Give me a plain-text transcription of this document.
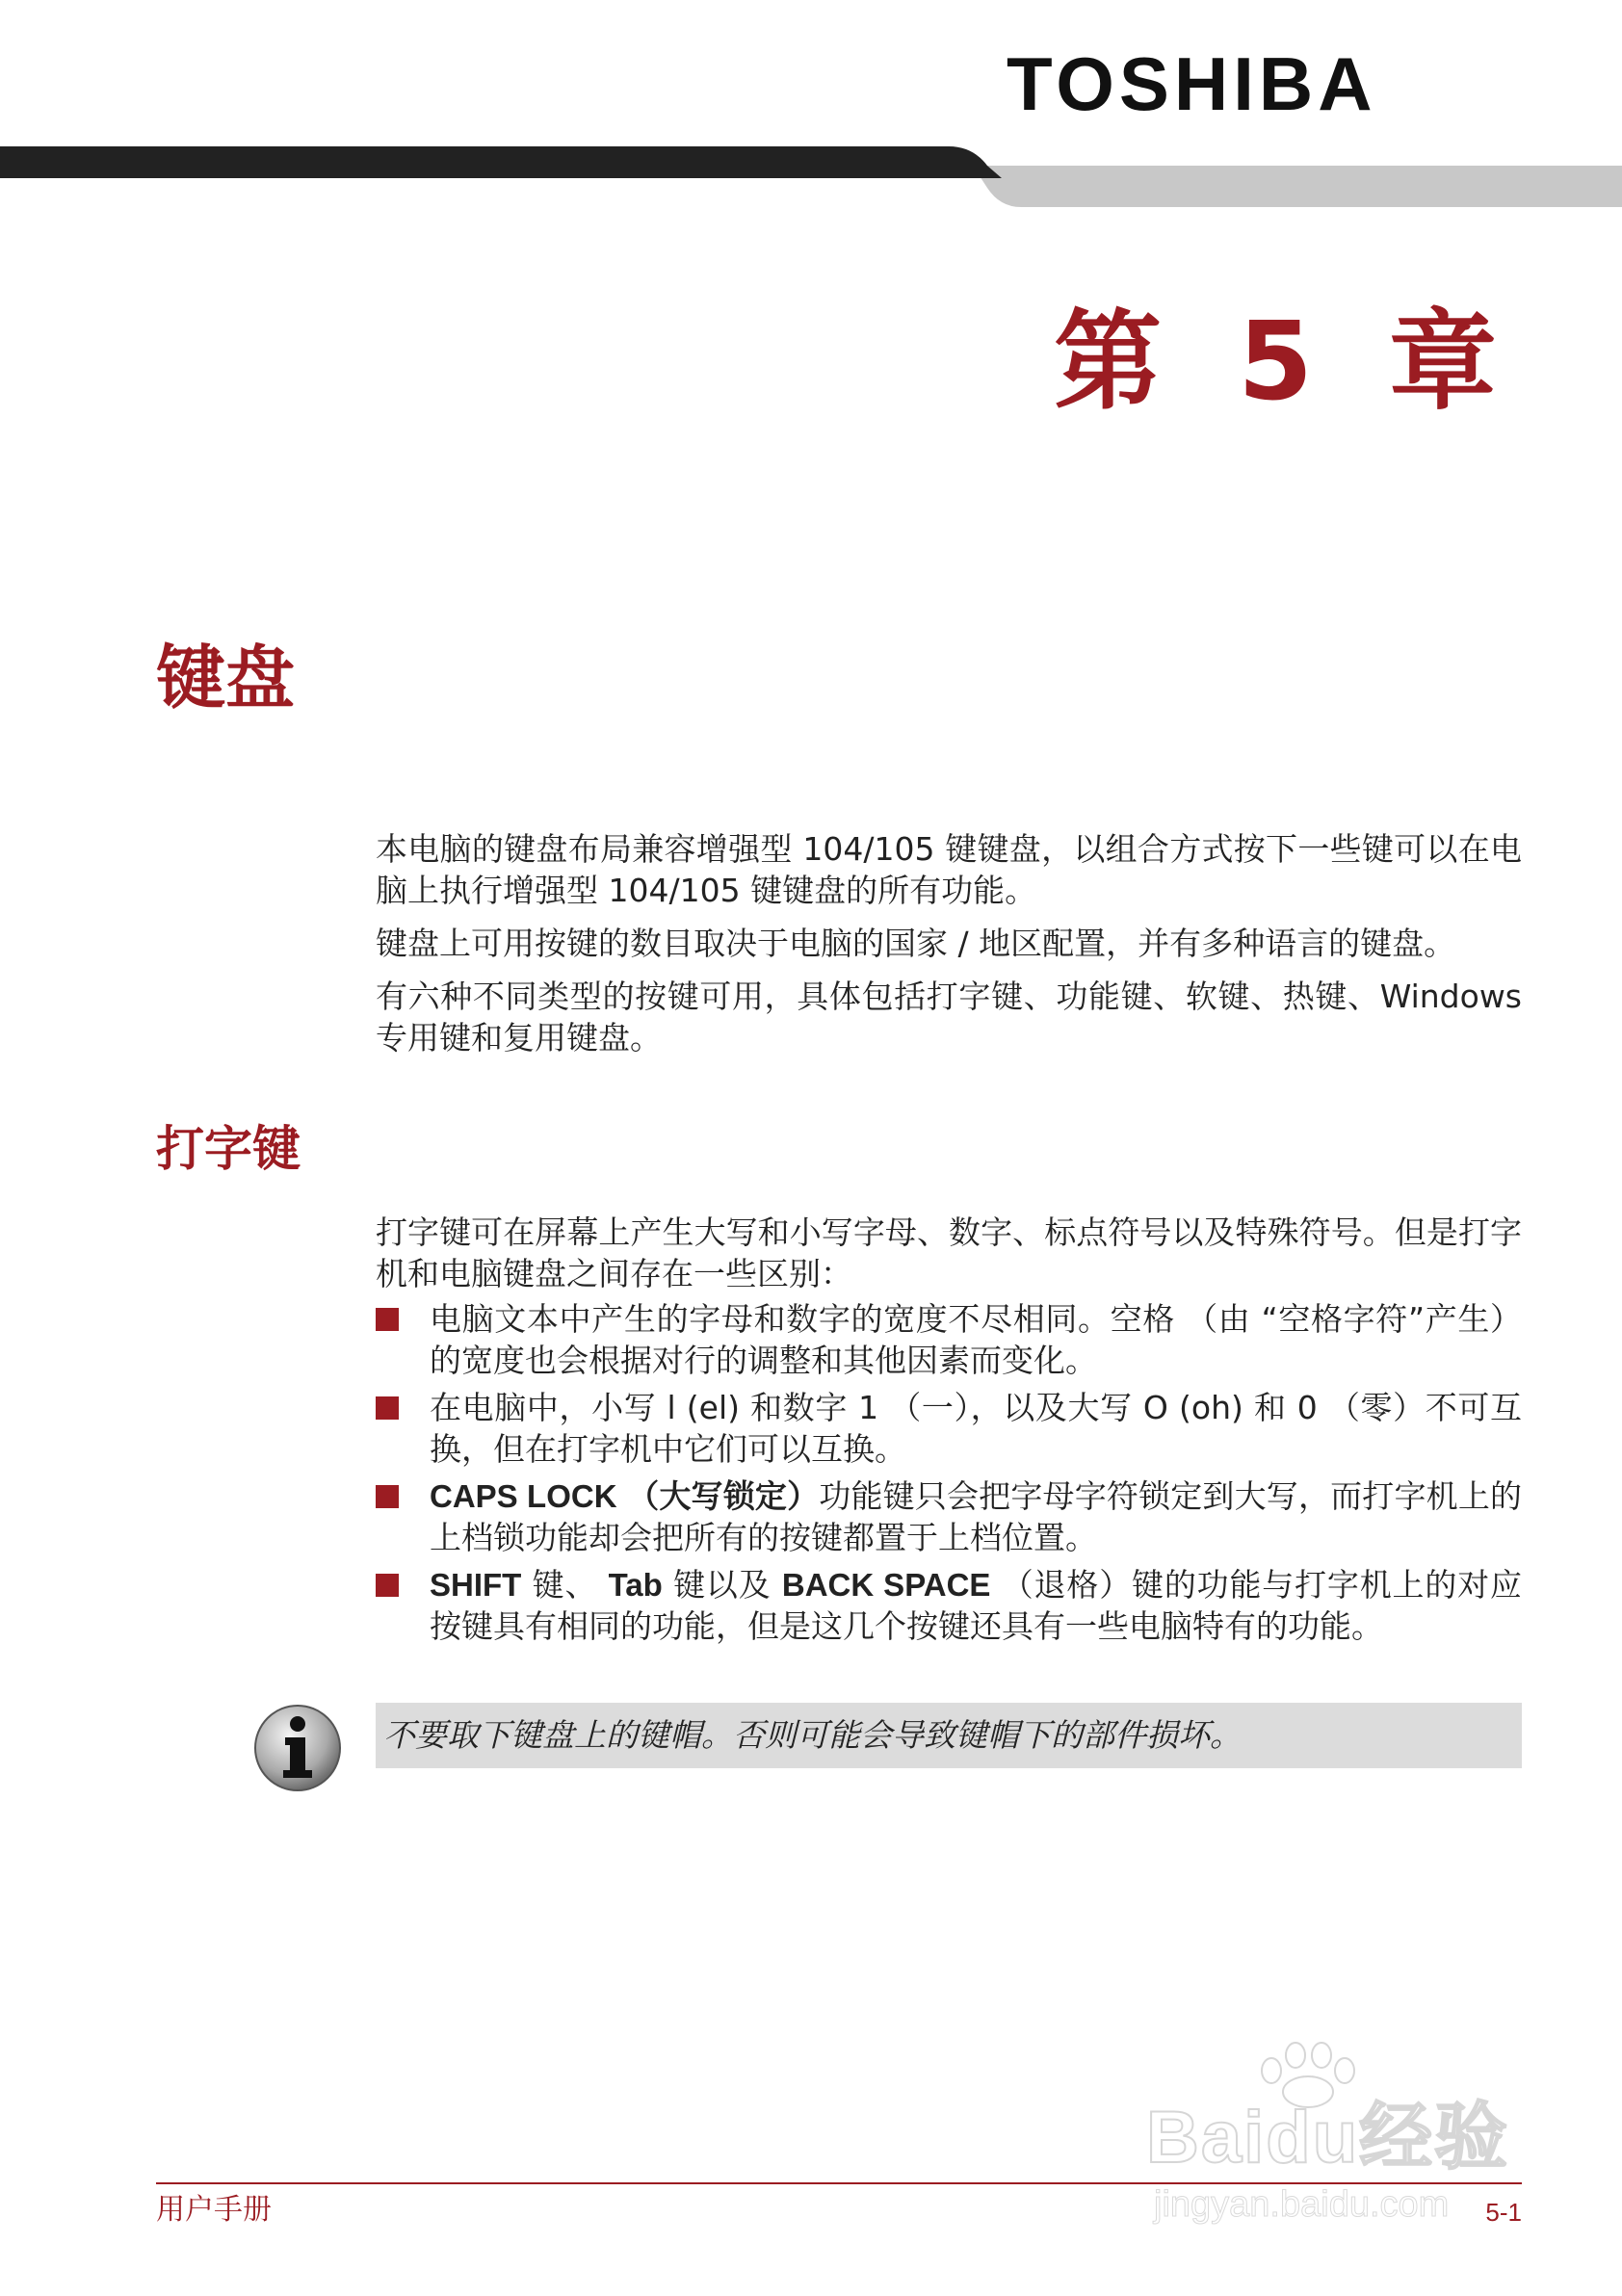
TOSHIBA
第 5 章
键盘

本电脑的键盘布局兼容增强型 104/105 键键盘，以组合方式按下一些键可以在电脑上执行增强型 104/105 键键盘的所有功能。

键盘上可用按键的数目取决于电脑的国家 / 地区配置，并有多种语言的键盘。

有六种不同类型的按键可用，具体包括打字键、功能键、软键、热键、Windows 专用键和复用键盘。

打字键

打字键可在屏幕上产生大写和小写字母、数字、标点符号以及特殊符号。但是打字机和电脑键盘之间存在一些区别：

电脑文本中产生的字母和数字的宽度不尽相同。空格 （由 “空格字符”产生）的宽度也会根据对行的调整和其他因素而变化。
在电脑中，小写 l (el) 和数字 1 （一），以及大写 O (oh) 和 0 （零）不可互换，但在打字机中它们可以互换。
CAPS LOCK （大写锁定）功能键只会把字母字符锁定到大写，而打字机上的上档锁功能却会把所有的按键都置于上档位置。
SHIFT 键、 Tab 键以及 BACK SPACE （退格）键的功能与打字机上的对应按键具有相同的功能，但是这几个按键还具有一些电脑特有的功能。
不要取下键盘上的键帽。否则可能会导致键帽下的部件损坏。
Baidu经验
jingyan.baidu.com
用户手册	5-1
